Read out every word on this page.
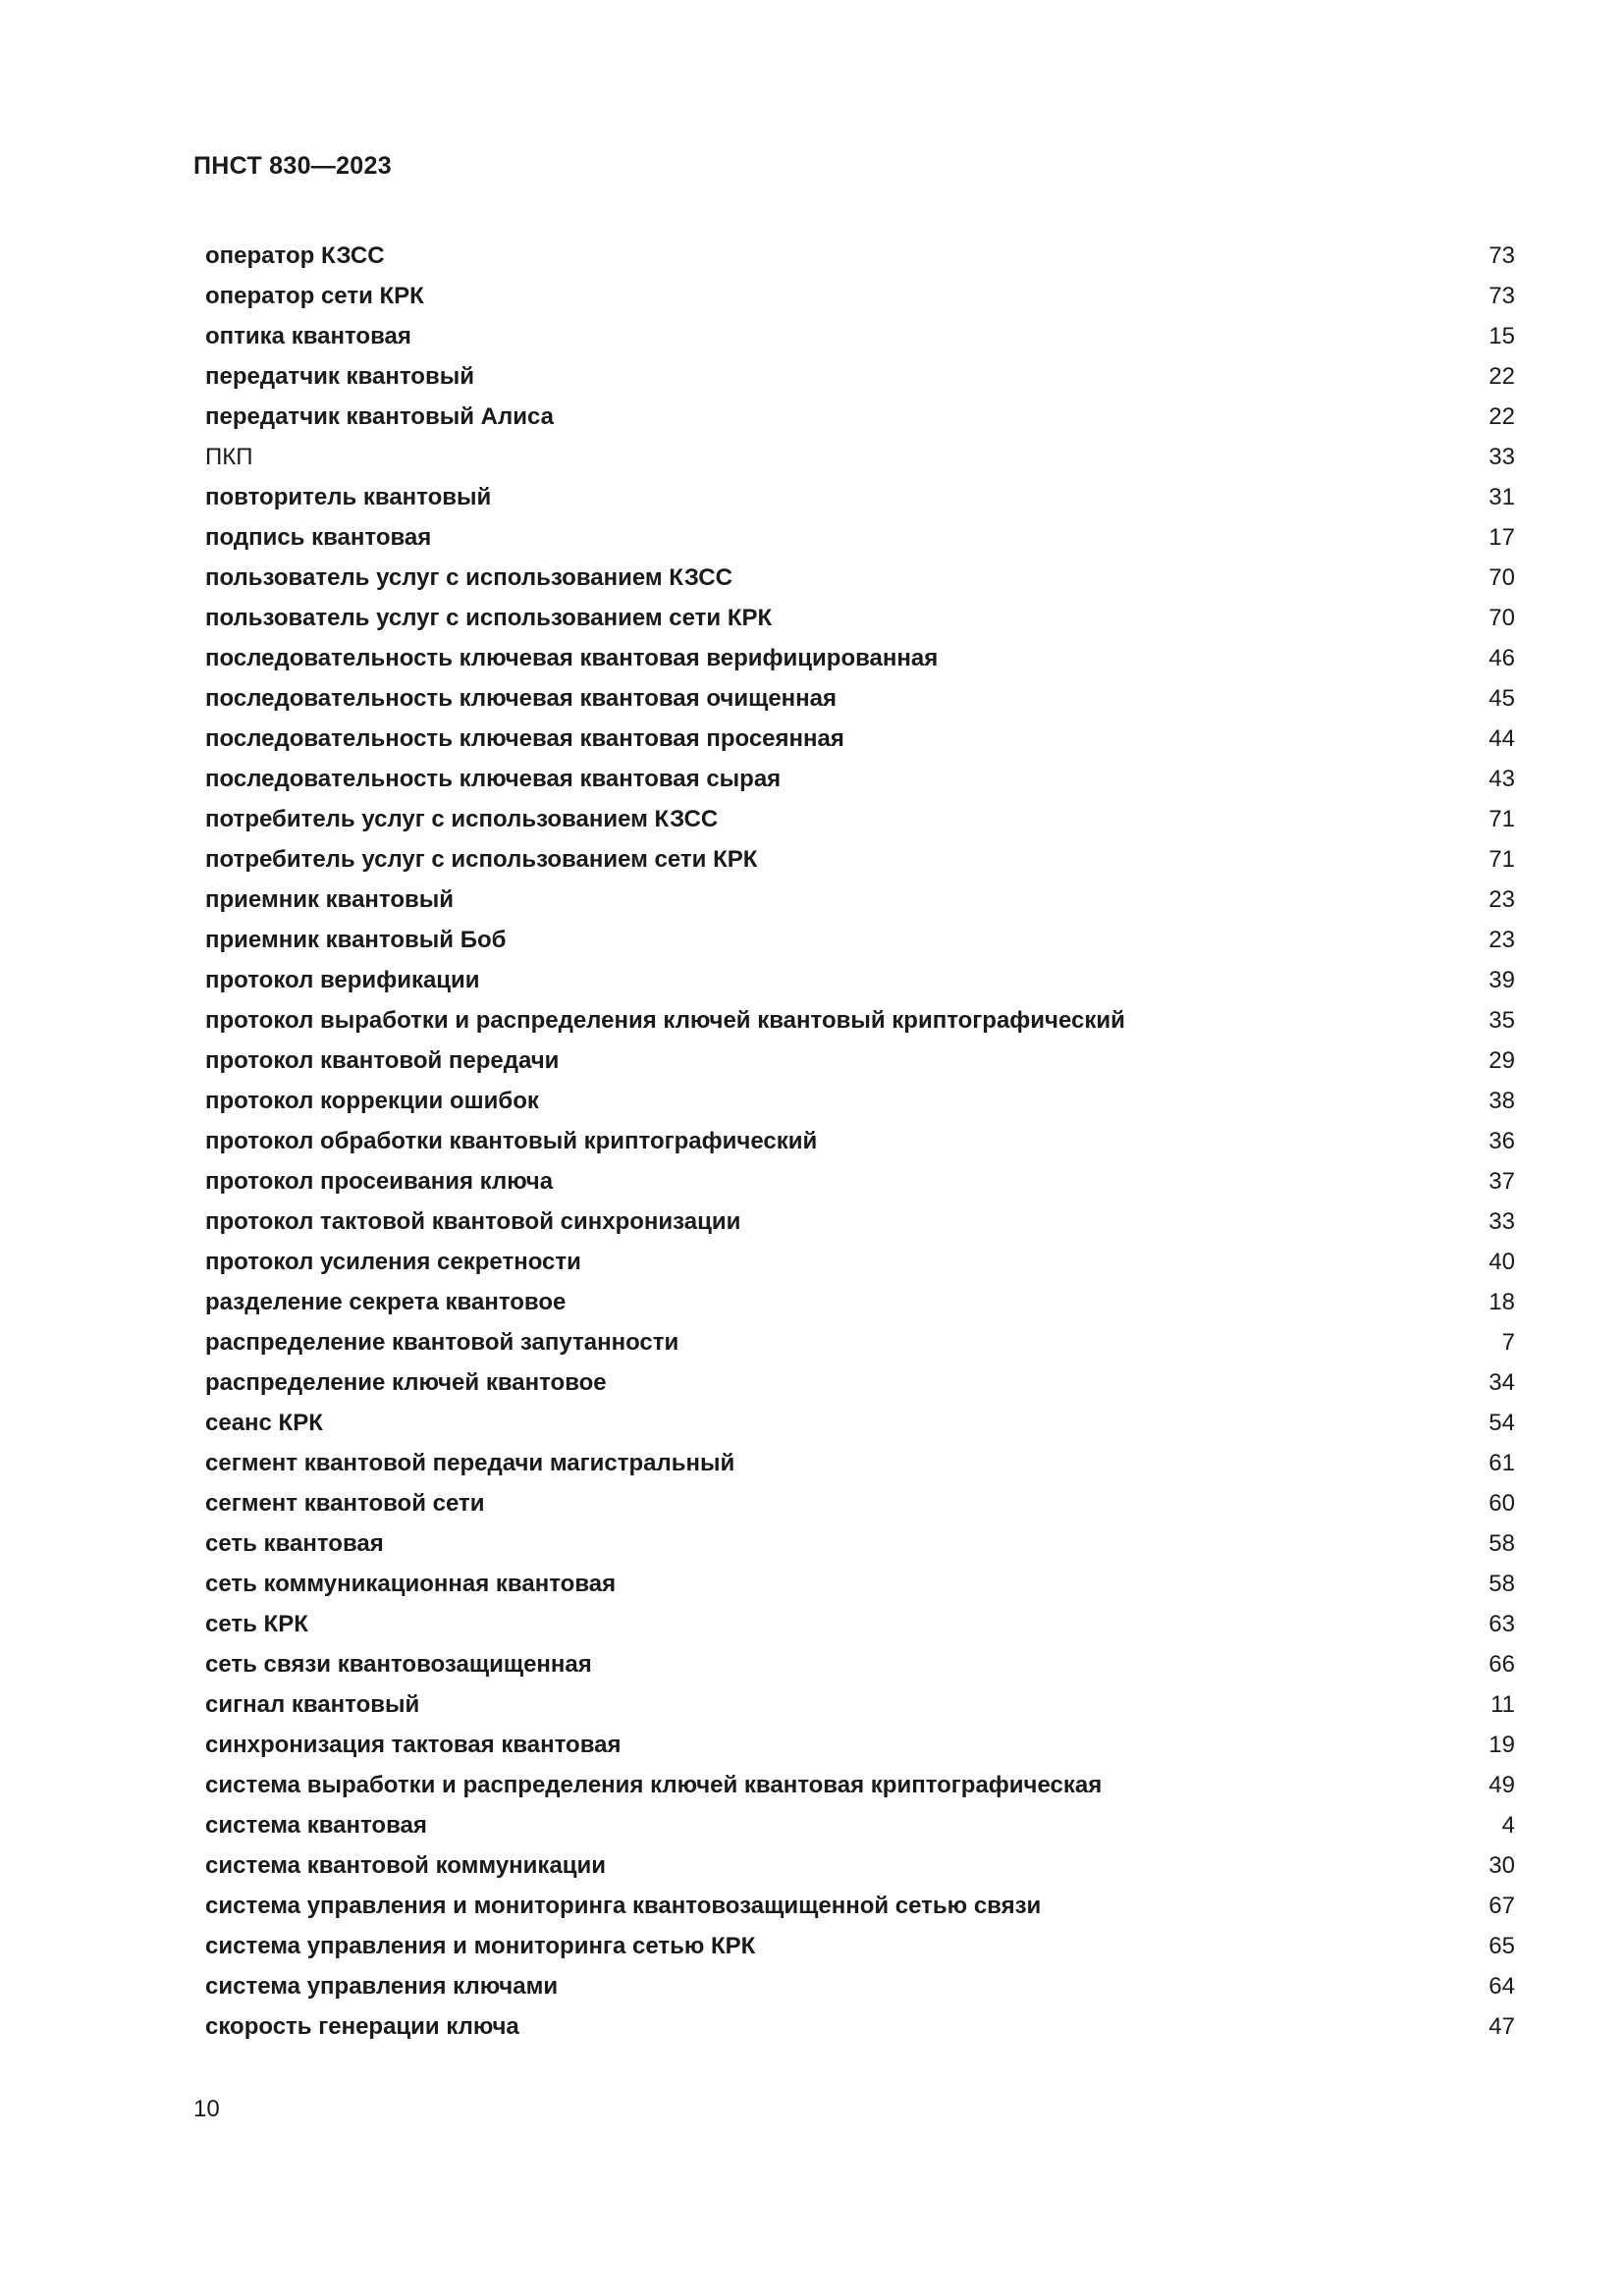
ПНСТ 830—2023
оператор КЗСС	73
оператор сети КРК	73
оптика квантовая	15
передатчик квантовый	22
передатчик квантовый Алиса	22
ПКП	33
повторитель квантовый	31
подпись квантовая	17
пользователь услуг с использованием КЗСС	70
пользователь услуг с использованием сети КРК	70
последовательность ключевая квантовая верифицированная	46
последовательность ключевая квантовая очищенная	45
последовательность ключевая квантовая просеянная	44
последовательность ключевая квантовая сырая	43
потребитель услуг с использованием КЗСС	71
потребитель услуг с использованием сети КРК	71
приемник квантовый	23
приемник квантовый Боб	23
протокол верификации	39
протокол выработки и распределения ключей квантовый криптографический	35
протокол квантовой передачи	29
протокол коррекции ошибок	38
протокол обработки квантовый криптографический	36
протокол просеивания ключа	37
протокол тактовой квантовой синхронизации	33
протокол усиления секретности	40
разделение секрета квантовое	18
распределение квантовой запутанности	7
распределение ключей квантовое	34
сеанс КРК	54
сегмент квантовой передачи магистральный	61
сегмент квантовой сети	60
сеть квантовая	58
сеть коммуникационная квантовая	58
сеть КРК	63
сеть связи квантовозащищенная	66
сигнал квантовый	11
синхронизация тактовая квантовая	19
система выработки и распределения ключей квантовая криптографическая	49
система квантовая	4
система квантовой коммуникации	30
система управления и мониторинга квантовозащищенной сетью связи	67
система управления и мониторинга сетью КРК	65
система управления ключами	64
скорость генерации ключа	47
10
